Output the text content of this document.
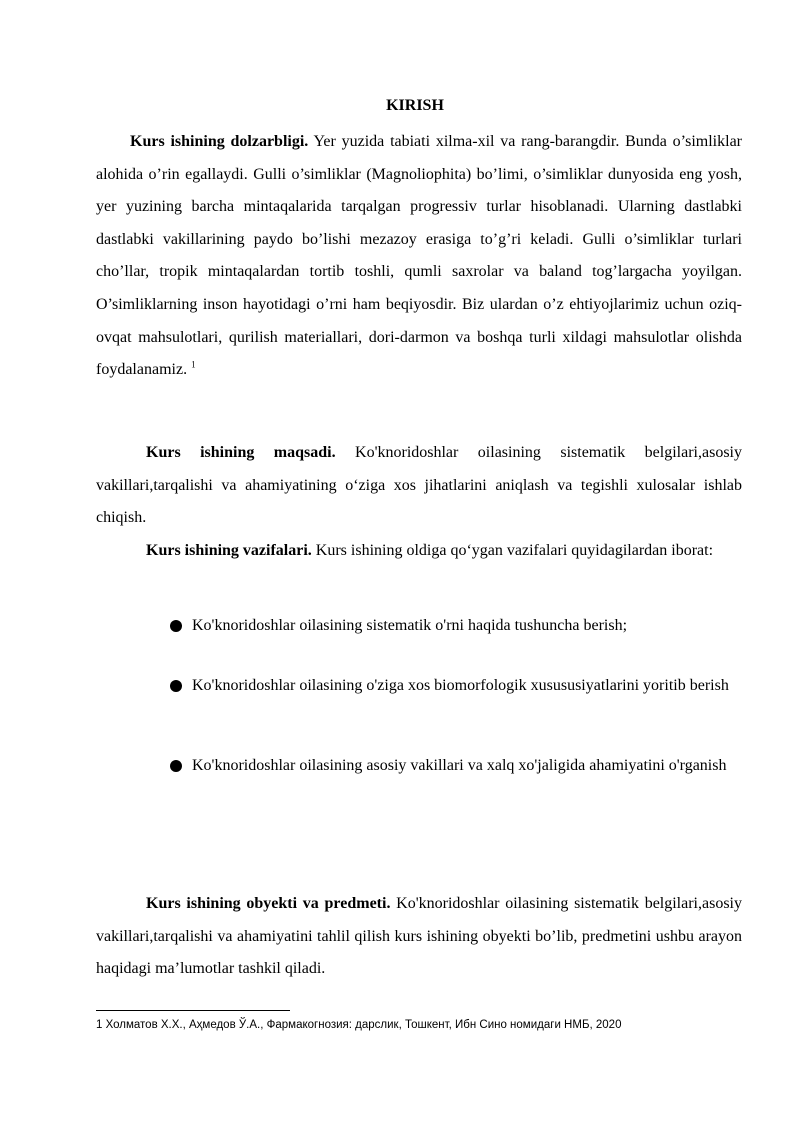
KIRISH

Kurs ishining dolzarbligi. Yer yuzida tabiati xilma-xil va rang-barangdir. Bunda o’simliklar alohida o’rin egallaydi. Gulli o’simliklar (Magnoliophita) bo’limi, o’simliklar dunyosida eng yosh, yer yuzining barcha mintaqalarida tarqalgan progressiv turlar hisoblanadi. Ularning dastlabki dastlabki vakillarining paydo bo’lishi mezazoy erasiga to’g’ri keladi. Gulli o’simliklar turlari cho’llar, tropik mintaqalardan tortib toshli, qumli saxrolar va baland tog’largacha yoyilgan. O’simliklarning inson hayotidagi o’rni ham beqiyosdir. Biz ulardan o’z ehtiyojlarimiz uchun oziq-ovqat mahsulotlari, qurilish materiallari, dori-darmon va boshqa turli xildagi mahsulotlar olishda foydalanamiz. $^1$

Kurs ishining maqsadi. Ko'knoridoshlar oilasining sistematik belgilari,asosiy vakillari,tarqalishi va ahamiyatining o‘ziga xos jihatlarini aniqlash va tegishli xulosalar ishlab chiqish.

Kurs ishining vazifalari. Kurs ishining oldiga qo‘ygan vazifalari quyidagilardan iborat:

Ko'knoridoshlar oilasining sistematik o'rni haqida tushuncha berish;
Ko'knoridoshlar oilasining o'ziga xos biomorfologik xusususiyatlarini yoritib berish
Ko'knoridoshlar oilasining asosiy vakillari va xalq xo'jaligida ahamiyatini o'rganish

Kurs ishining obyekti va predmeti. Ko'knoridoshlar oilasining sistematik belgilari,asosiy vakillari,tarqalishi va ahamiyatini tahlil qilish kurs ishining obyekti bo’lib, predmetini ushbu arayon haqidagi ma’lumotlar tashkil qiladi.

1 Холматов Х.Х., Аҳмедов Ў.А., Фармакогнозия: дарслик, Тошкент, Ибн Сино номидаги НМБ, 2020
